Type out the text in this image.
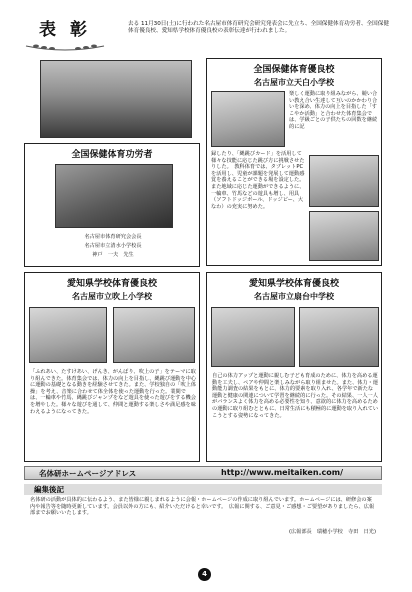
表 彰	去る 11月30日(土)に行われた名古屋市体育研究会研究発表会に先立ち、全国保健体育功労者、全国保健体育優良校、愛知県学校体育優良校の表彰伝達が行われました。
全国保健体育優良校
名古屋市立天白小学校
楽しく運動に取り組みながら、競い合い教え合い生達して互いのかかわり合いを深め、体力の向上を目指した「すこやか活動」と合わせた体育集会では、学級ごとの子供たちの回数を継続的に記
録したり、「縄跳びカード」を活用して様々な技能に応じた跳び方に挑戦させたりした。　教科体育では、タブレットPCを活用し、児童が課題を発展して運動感覚を養えることができる場を設定した。　また地域に応じた運動ができるように、一輪車、竹馬などの遊具も増し、用具（ソフトドッジボール、ドッジビー、大なわ）の充実に努めた。
全国保健体育功労者
名古屋市体育研究会会長
名古屋市立清水小学校長
神戸　一夫　先生
愛知県学校体育優良校
名古屋市立吹上小学校
「ふれあい、たすけあい、げんき、がんばり、吹上の子」をテーマに取り組んできた。体育集会では、体力の向上を目指し、縄跳び運動を中心に運動の基礎となる動きを経験させてきた。また、学校独自の「吹上体操」を考え、音楽に合わせて体全体を使った運動を行った。業間では、一輪車や竹馬、縄跳びジャンプをなど遊具を使った遊びをする機会を増やした。様々な遊びを通して、仲間と運動する楽しさや満足感を味わえるようになってきた。
愛知県学校体育優良校
名古屋市立扇台中学校
自己の体力アップと運動に親しむ子ども育成のために、体力を高める運動を工夫し、ペアや仲間と楽しみながら取り組ませた。また、体力・運動能力調査の結果をもとに、体力的要素を取り入れ、各学年で新たな運動と健康の関連について学習を継続的に行った。その結果、一人一人がバランスよく体力を高める必要性を知り、意欲的に体力を高めるための運動に取り組むとともに、日常生活にも積極的に運動を取り入れていこうとする姿勢になってきた。
名体研ホームページアドレス	http://www.meitaiken.com/
編集後記
名体研の活動が具体的に伝わるよう、また皆様に親しまれるように会報・ホームページの作成に取り組んでいます。ホームページには、研修会の案内や報告等を随時更新しています。会員以外の方にも、紹介いただけると幸いです。　広報に関する、ご意見・ご感想・ご要望がありましたら、広報部までお願いいたします。
(広報部長　瑞穂小学校　寺田　日光)
4
